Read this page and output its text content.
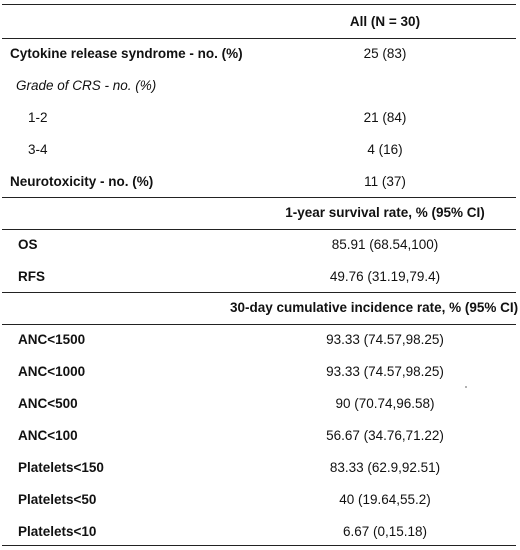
All (N = 30)
Cytokine release syndrome - no. (%)	25 (83)
Grade of CRS - no. (%)
1-2	21 (84)
3-4	4 (16)
Neurotoxicity - no. (%)	11 (37)
1-year survival rate, % (95% CI)
OS	85.91 (68.54,100)
RFS	49.76 (31.19,79.4)
30-day cumulative incidence rate, % (95% CI)
ANC<1500	93.33 (74.57,98.25)
ANC<1000	93.33 (74.57,98.25)
ANC<500	90 (70.74,96.58)
ANC<100	56.67 (34.76,71.22)
Platelets<150	83.33 (62.9,92.51)
Platelets<50	40 (19.64,55.2)
Platelets<10	6.67 (0,15.18)
